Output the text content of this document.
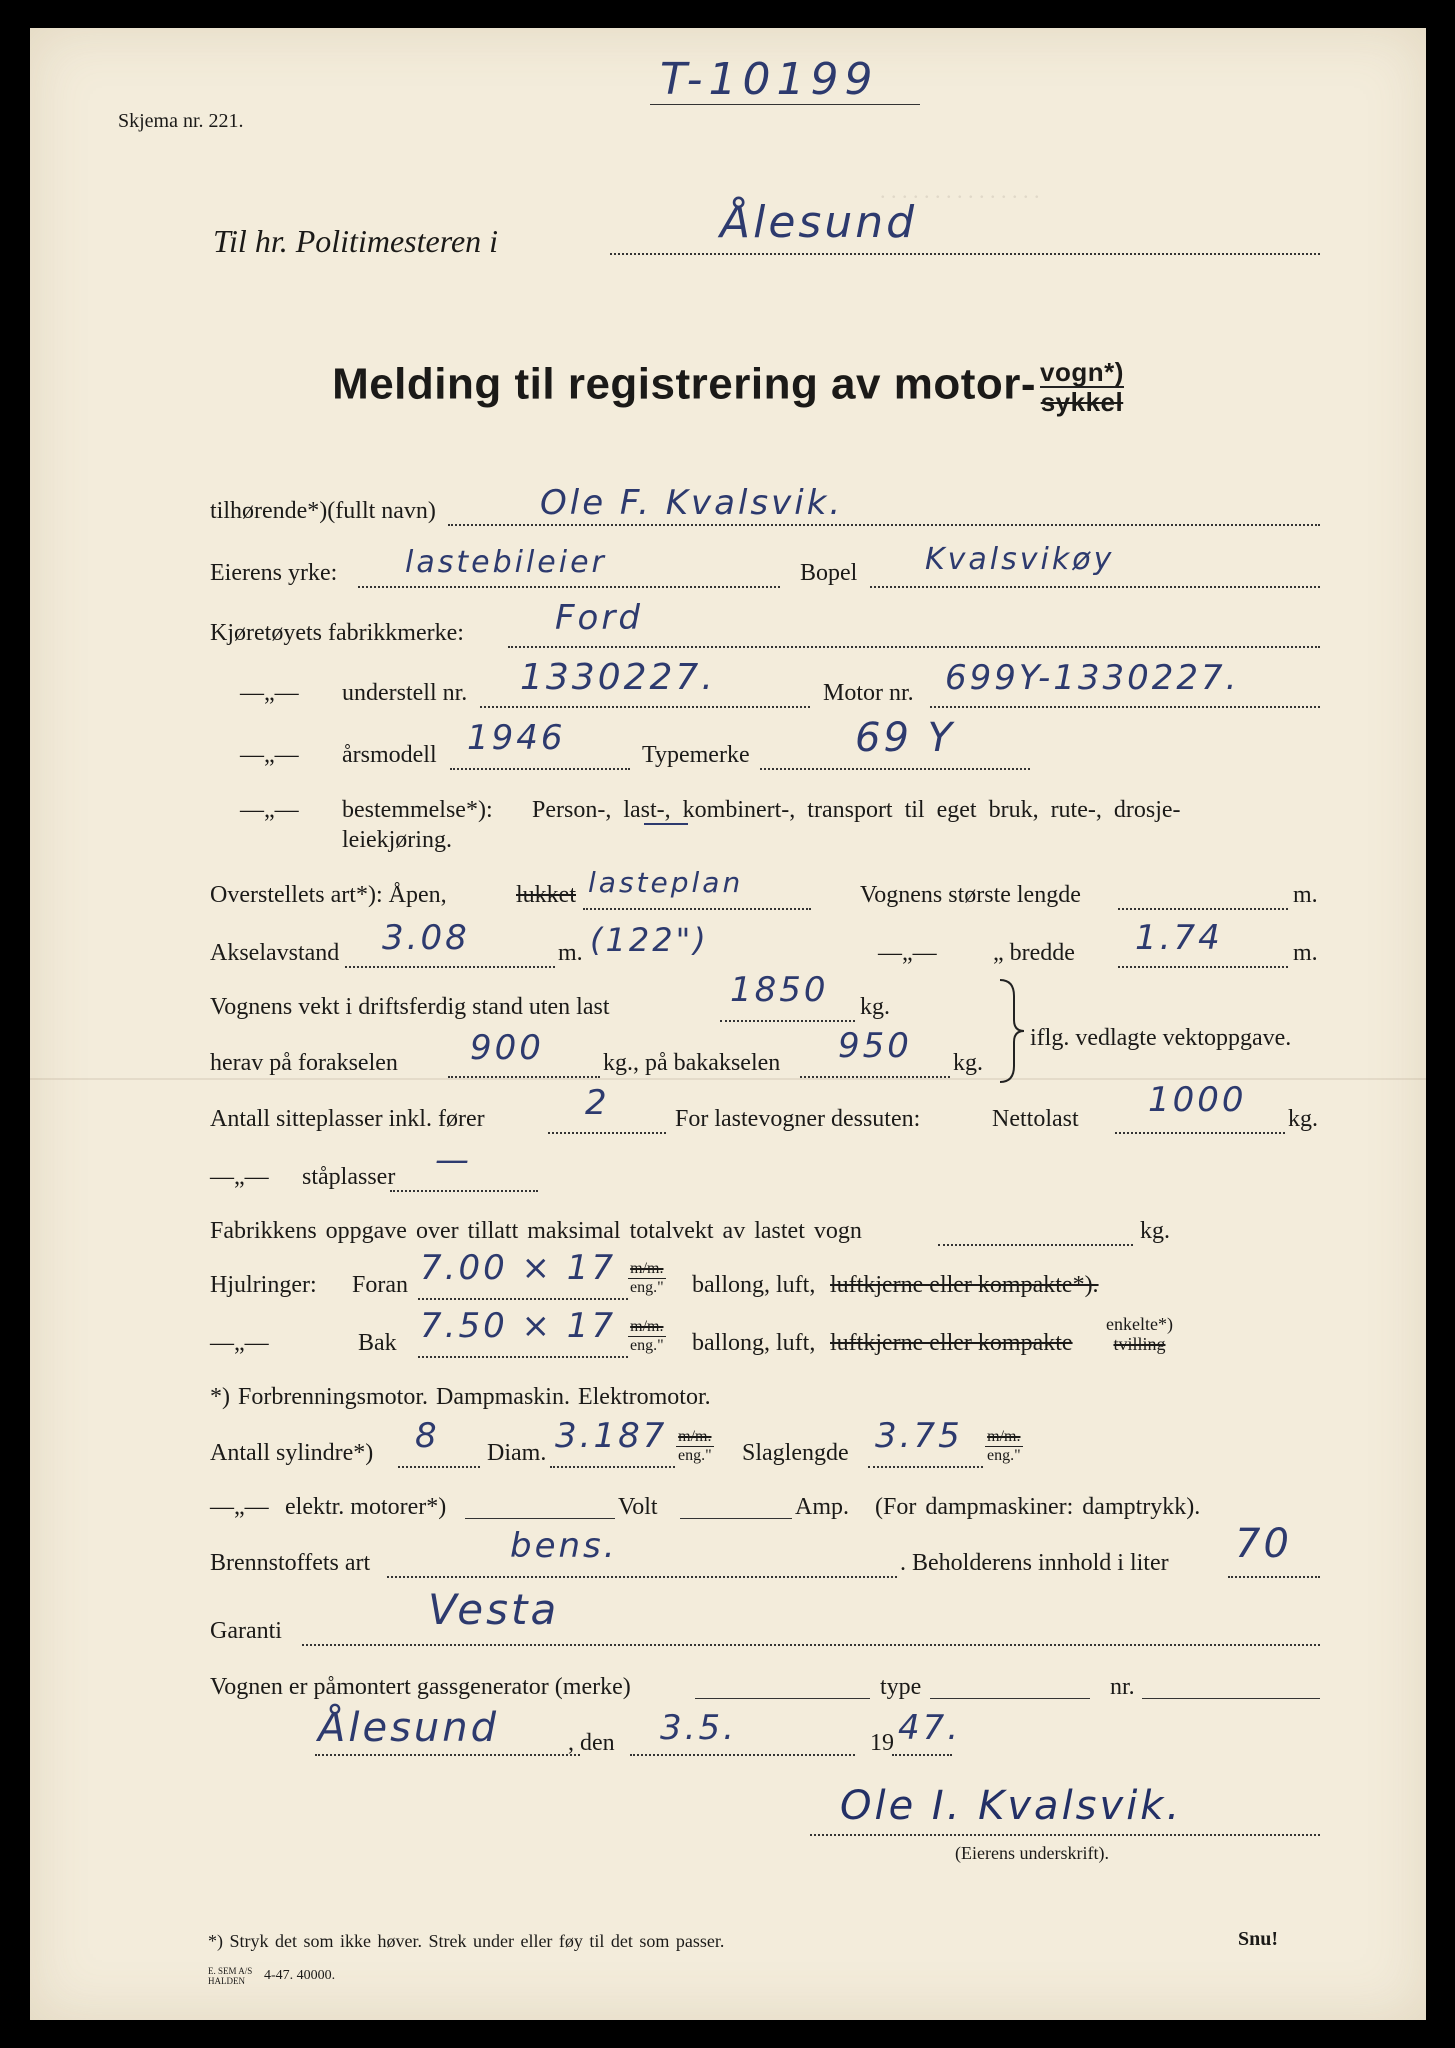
. . . . . . . . . . . . . . .
T-10199
Skjema nr. 221.
Til hr. Politimesteren i	Ålesund
Melding til registrering av motor- vogn*)
sykkel
tilhørende*)(fullt navn)	Ole F. Kvalsvik.
Eierens yrke: lastebileier	Bopel Kvalsvikøy
Kjøretøyets fabrikkmerke:	Ford
—„— understell nr. 1330227.	Motor nr. 699Y-1330227.
—„— årsmodell 1946	Typemerke	69 Y
—„— bestemmelse*): Person-, last-, kombinert-, transport til eget bruk, rute-, drosje-
leiekjøring.
Overstellets art*): Åpen,	lukket lasteplan	Vognens største lengde	m.
Akselavstand 3.08	m. (122")	—„— „ bredde 1.74	m.
Vognens vekt i driftsferdig stand uten last	1850 kg.
iflg. vedlagte vektoppgave.
herav på forakselen 900 kg., på bakakselen 950 kg.
Antall sitteplasser inkl. fører	2	For lastevogner dessuten:	Nettolast 1000 kg.
—„— ståplasser —
Fabrikkens oppgave over tillatt maksimal totalvekt av lastet vogn	kg.
Hjulringer: Foran 7.00 × 17 m/m.
eng." ballong, luft, luftkjerne eller kompakte*).
—„—	Bak 7.50 × 17 m/m.
eng." ballong, luft, luftkjerne eller kompakte
enkelte*)
tvilling
*) Forbrenningsmotor. Dampmaskin. Elektromotor.
Antall sylindre*) 8 Diam. 3.187 m/m.
eng." Slaglengde 3.75 m/m.
eng."
—„— elektr. motorer*)	Volt	Amp. (For dampmaskiner: damptrykk).
Brennstoffets art	bens.	. Beholderens innhold i liter 70
Garanti	Vesta
Vognen er påmontert gassgenerator (merke)	type	nr.
Ålesund	, den 3.5.	19 47.
Ole I. Kvalsvik.
(Eierens underskrift).
*) Stryk det som ikke høver. Strek under eller føy til det som passer.	Snu!
E. SEM A/S
HALDEN	4-47. 40000.
